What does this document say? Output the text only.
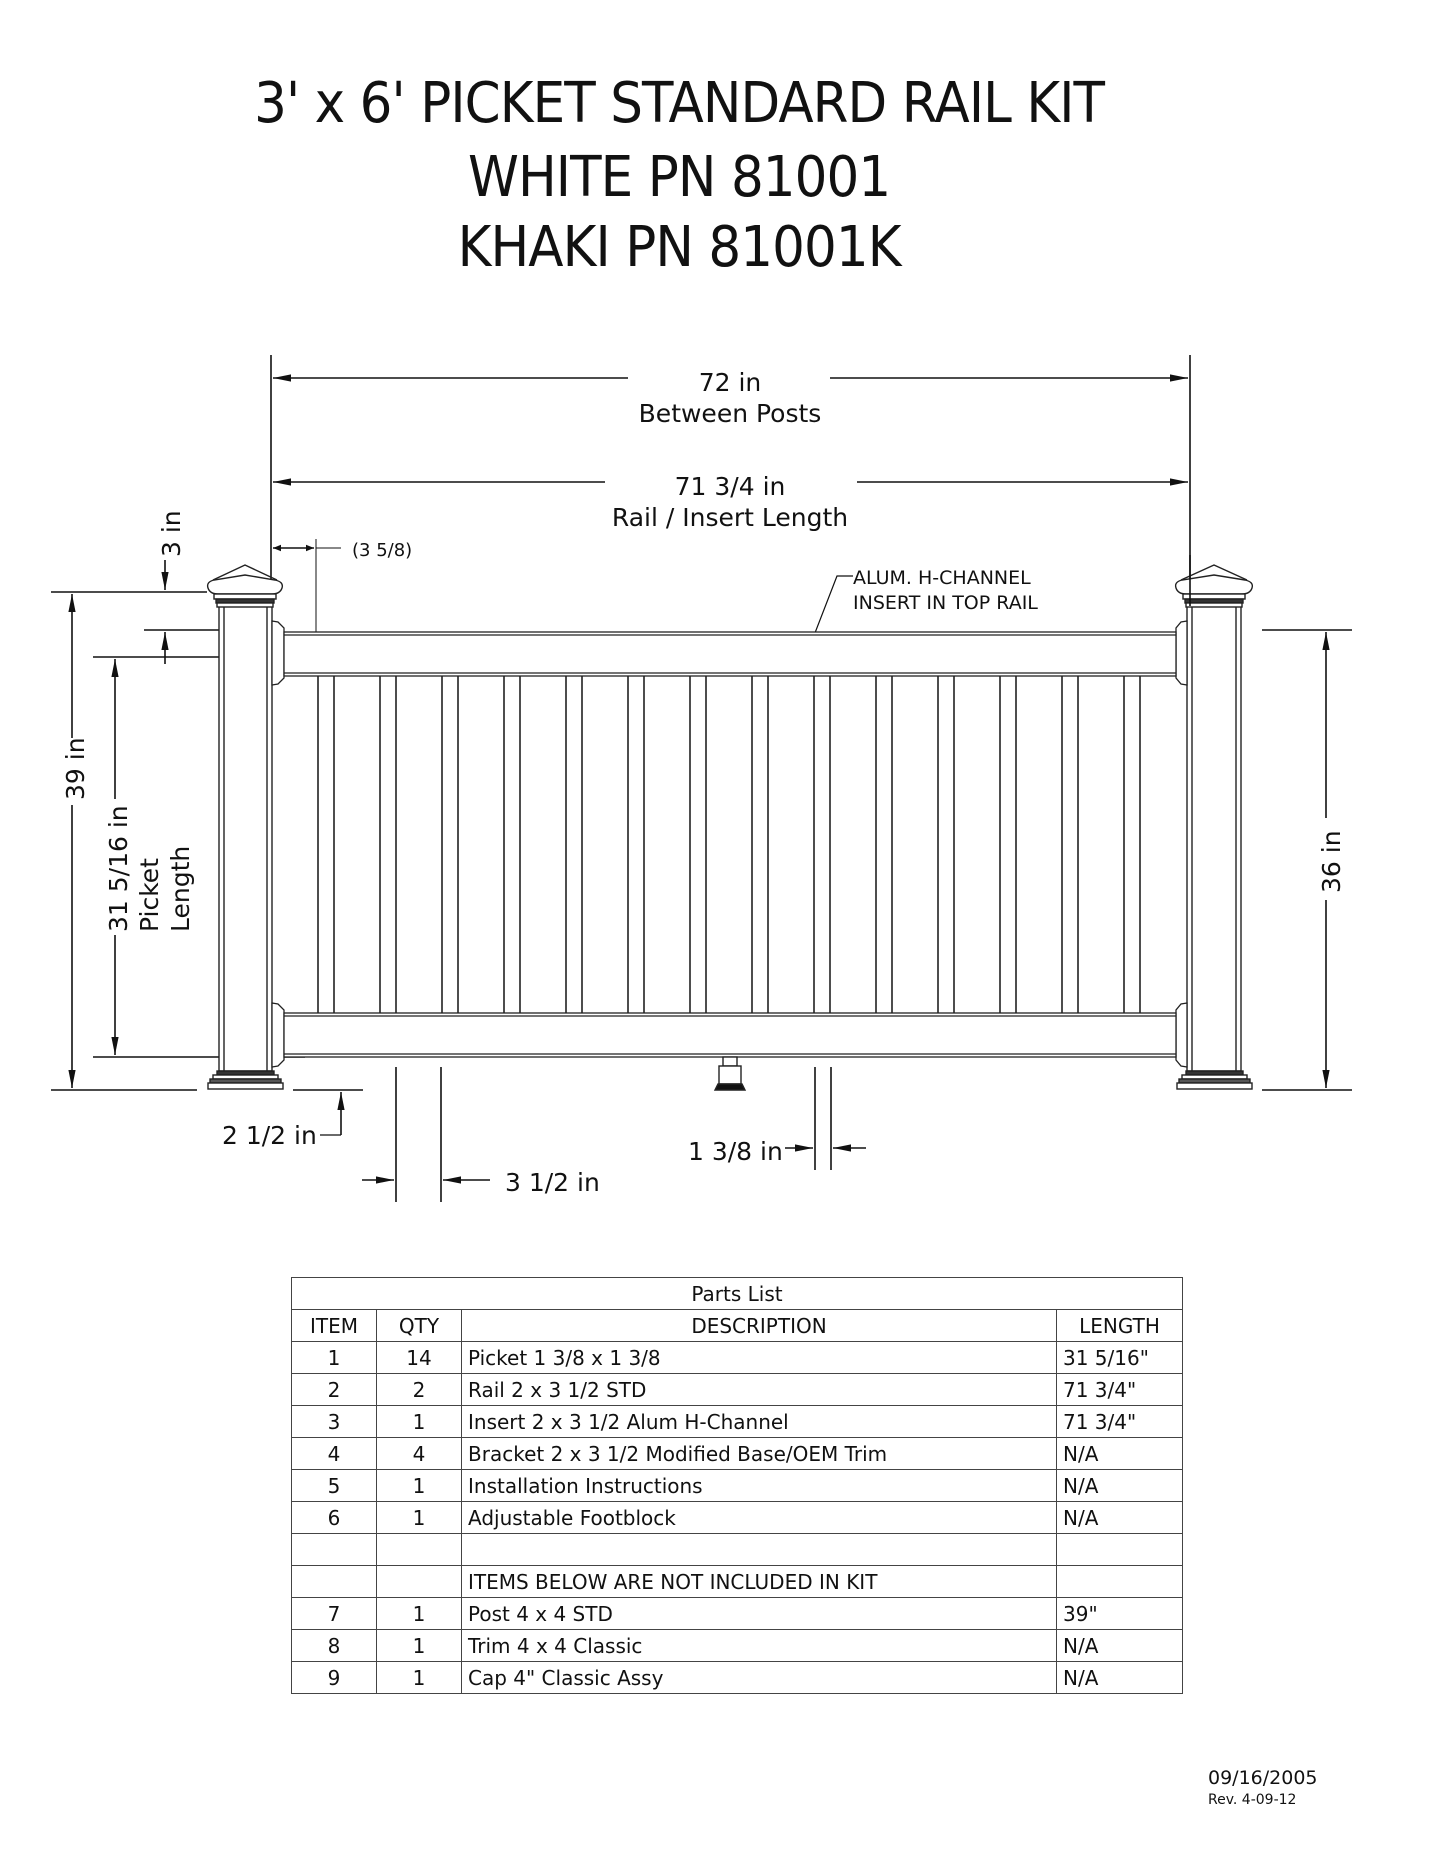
3' x 6' PICKET STANDARD RAIL KIT
WHITE PN 81001
KHAKI PN 81001K
72 in
Between Posts
71 3/4 in
Rail / Insert Length
(3 5/8)
3 in
39 in
31 5/16 in Picket Length	36 in
2 1/2 in
3 1/2 in
1 3/8 in
ALUM. H-CHANNEL
INSERT IN TOP RAIL
Parts List			
ITEM	QTY	DESCRIPTION	LENGTH
1	14	Picket 1 3/8 x 1 3/8	31 5/16"
2	2	Rail 2 x 3 1/2 STD	71 3/4"
3	1	Insert 2 x 3 1/2 Alum H-Channel	71 3/4"
4	4	Bracket 2 x 3 1/2 Modified Base/OEM Trim	N/A
5	1	Installation Instructions	N/A
6	1	Adjustable Footblock	N/A

		ITEMS BELOW ARE NOT INCLUDED IN KIT	
7	1	Post 4 x 4 STD	39"
8	1	Trim 4 x 4 Classic	N/A
9	1	Cap 4" Classic Assy	N/A
09/16/2005
Rev. 4-09-12
